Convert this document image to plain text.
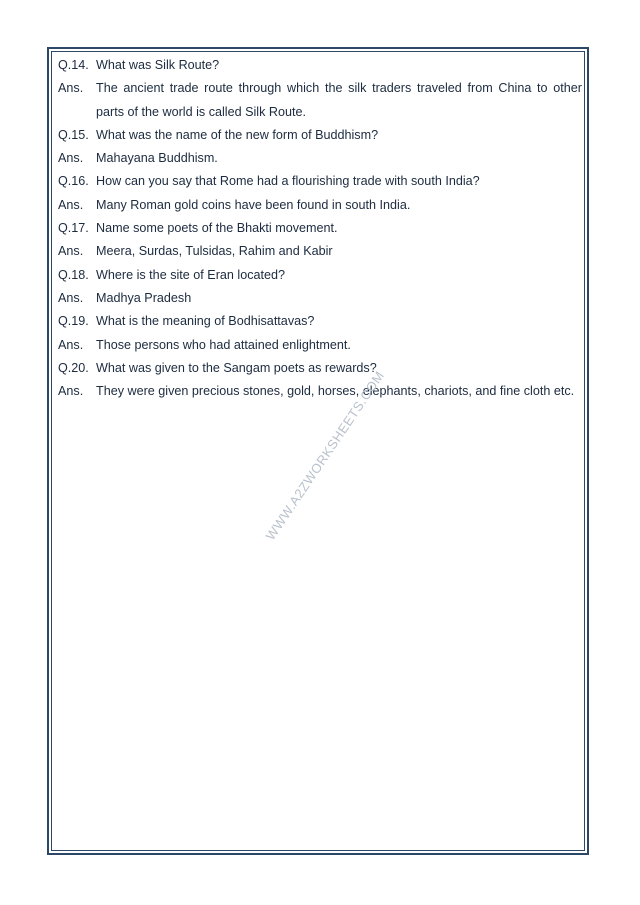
Q.14. What was Silk Route?
Ans.	The ancient trade route through which the silk traders traveled from China to other parts of the world is called Silk Route.
Q.15. What was the name of the new form of Buddhism?
Ans.	Mahayana Buddhism.
Q.16. How can you say that Rome had a flourishing trade with south India?
Ans.	Many Roman gold coins have been found in south India.
Q.17. Name some poets of the Bhakti movement.
Ans.	Meera, Surdas, Tulsidas, Rahim and Kabir
Q.18. Where is the site of Eran located?
Ans.	Madhya Pradesh
Q.19. What is the meaning of Bodhisattavas?
Ans.	Those persons who had attained enlightment.
Q.20. What was given to the Sangam poets as rewards?
Ans.	They were given precious stones, gold, horses, elephants, chariots, and fine cloth etc.
WWW.A2ZWORKSHEETS.COM
